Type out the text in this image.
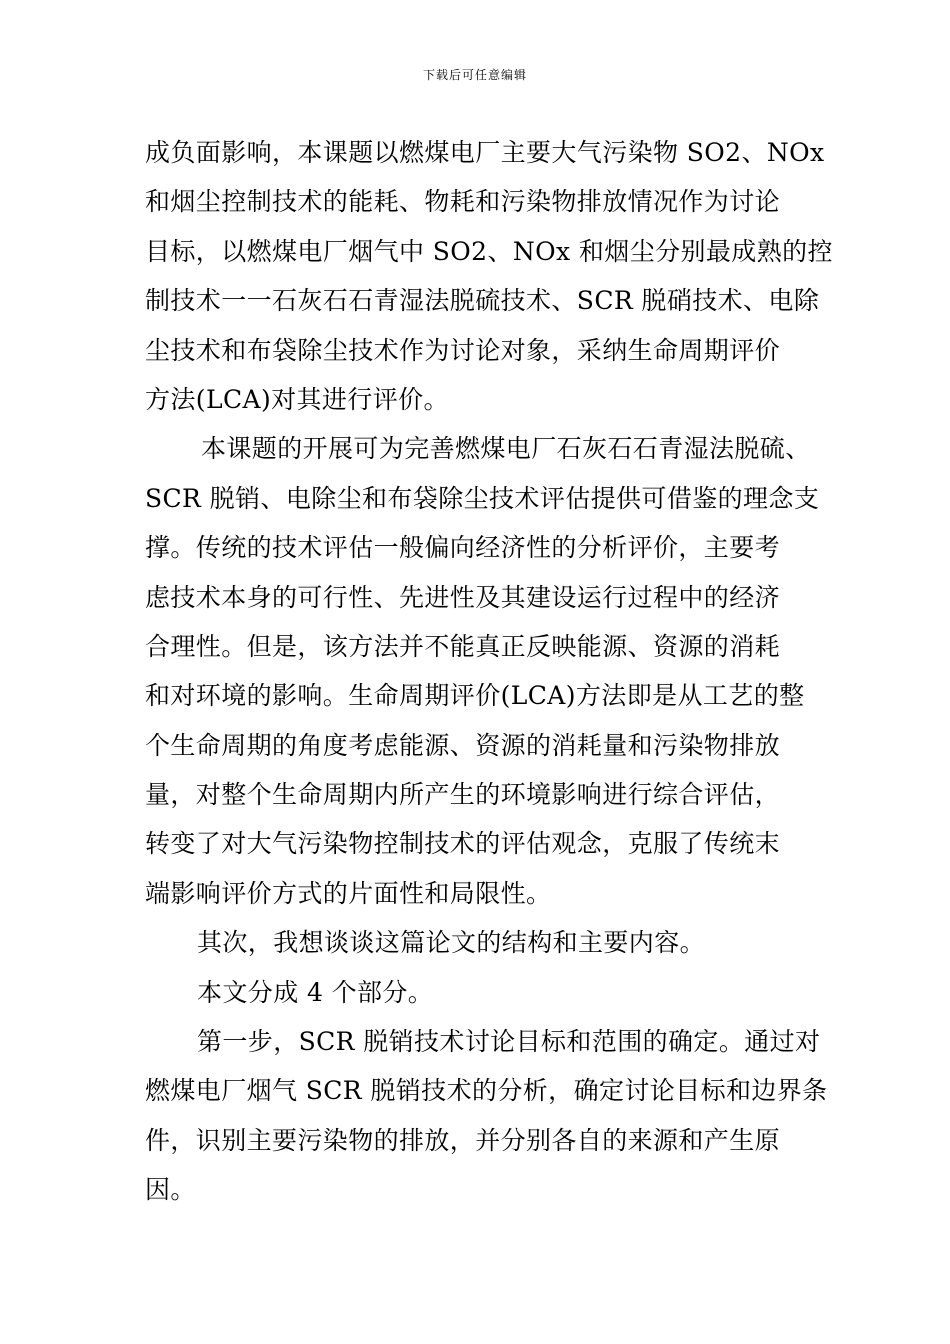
下载后可任意编辑
成负面影响，本课题以燃煤电厂主要大气污染物 SO2、NOx
和烟尘控制技术的能耗、物耗和污染物排放情况作为讨论
目标，以燃煤电厂烟气中 SO2、NOx 和烟尘分别最成熟的控
制技术一一石灰石石青湿法脱硫技术、SCR 脱硝技术、电除
尘技术和布袋除尘技术作为讨论对象，采纳生命周期评价
方法(LCA)对其进行评价。
本课题的开展可为完善燃煤电厂石灰石石青湿法脱硫、
SCR 脱销、电除尘和布袋除尘技术评估提供可借鉴的理念支
撑。传统的技术评估一般偏向经济性的分析评价，主要考
虑技术本身的可行性、先进性及其建设运行过程中的经济
合理性。但是，该方法并不能真正反映能源、资源的消耗
和对环境的影响。生命周期评价(LCA)方法即是从工艺的整
个生命周期的角度考虑能源、资源的消耗量和污染物排放
量，对整个生命周期内所产生的环境影响进行综合评估，
转变了对大气污染物控制技术的评估观念，克服了传统末
端影响评价方式的片面性和局限性。
其次，我想谈谈这篇论文的结构和主要内容。
本文分成 4 个部分。
第一步，SCR 脱销技术讨论目标和范围的确定。通过对
燃煤电厂烟气 SCR 脱销技术的分析，确定讨论目标和边界条
件，识别主要污染物的排放，并分别各自的来源和产生原
因。
